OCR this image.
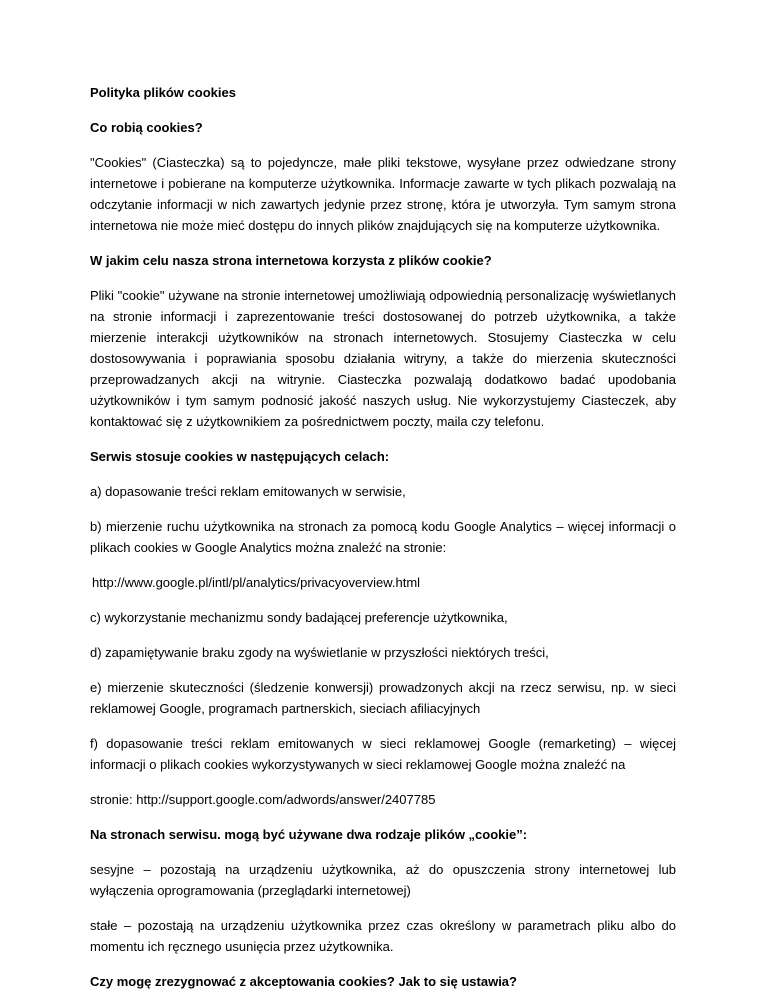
Polityka plików cookies

Co robią cookies?

"Cookies" (Ciasteczka) są to pojedyncze, małe pliki tekstowe, wysyłane przez odwiedzane strony internetowe i pobierane na komputerze użytkownika. Informacje zawarte w tych plikach pozwalają na odczytanie informacji w nich zawartych jedynie przez stronę, która je utworzyła. Tym samym strona internetowa nie może mieć dostępu do innych plików znajdujących się na komputerze użytkownika.

W jakim celu nasza strona internetowa korzysta z plików cookie?

Pliki "cookie" używane na stronie internetowej umożliwiają odpowiednią personalizację wyświetlanych na stronie informacji i zaprezentowanie treści dostosowanej do potrzeb użytkownika, a także mierzenie interakcji użytkowników na stronach internetowych. Stosujemy Ciasteczka w celu dostosowywania i poprawiania sposobu działania witryny, a także do mierzenia skuteczności przeprowadzanych akcji na witrynie. Ciasteczka pozwalają dodatkowo badać upodobania użytkowników i tym samym podnosić jakość naszych usług. Nie wykorzystujemy Ciasteczek, aby kontaktować się z użytkownikiem za pośrednictwem poczty, maila czy telefonu.

Serwis stosuje cookies w następujących celach:

a) dopasowanie treści reklam emitowanych w serwisie,

b) mierzenie ruchu użytkownika na stronach za pomocą kodu Google Analytics – więcej informacji o plikach cookies w Google Analytics można znaleźć na stronie:

http://www.google.pl/intl/pl/analytics/privacyoverview.html

c) wykorzystanie mechanizmu sondy badającej preferencje użytkownika,

d) zapamiętywanie braku zgody na wyświetlanie w przyszłości niektórych treści,

e) mierzenie skuteczności (śledzenie konwersji) prowadzonych akcji na rzecz serwisu, np. w sieci reklamowej Google, programach partnerskich, sieciach afiliacyjnych

f) dopasowanie treści reklam emitowanych w sieci reklamowej Google (remarketing) – więcej informacji o plikach cookies wykorzystywanych w sieci reklamowej Google można znaleźć na

stronie: http://support.google.com/adwords/answer/2407785

Na stronach serwisu. mogą być używane dwa rodzaje plików „cookie”:

sesyjne – pozostają na urządzeniu użytkownika, aż do opuszczenia strony internetowej lub wyłączenia oprogramowania (przeglądarki internetowej)

stałe – pozostają na urządzeniu użytkownika przez czas określony w parametrach pliku albo do momentu ich ręcznego usunięcia przez użytkownika.

Czy mogę zrezygnować z akceptowania cookies? Jak to się ustawia?
